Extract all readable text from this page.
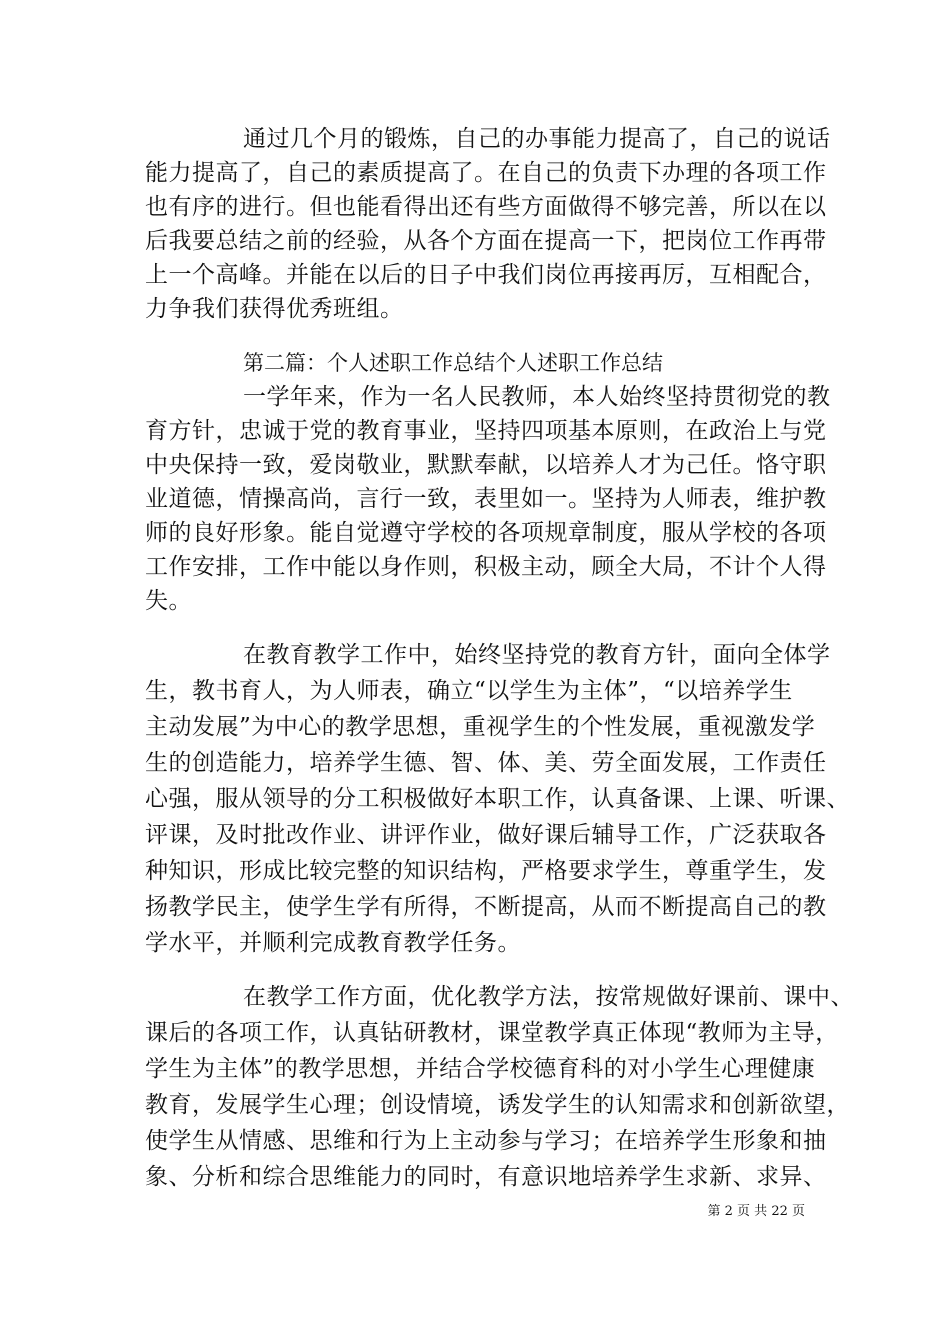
通过几个月的锻炼，自己的办事能力提高了，自己的说话
能力提高了，自己的素质提高了。在自己的负责下办理的各项工作
也有序的进行。但也能看得出还有些方面做得不够完善，所以在以
后我要总结之前的经验，从各个方面在提高一下，把岗位工作再带
上一个高峰。并能在以后的日子中我们岗位再接再厉，互相配合，
力争我们获得优秀班组。
第二篇：个人述职工作总结个人述职工作总结
一学年来，作为一名人民教师，本人始终坚持贯彻党的教
育方针，忠诚于党的教育事业，坚持四项基本原则，在政治上与党
中央保持一致，爱岗敬业，默默奉献，以培养人才为己任。恪守职
业道德，情操高尚，言行一致，表里如一。坚持为人师表，维护教
师的良好形象。能自觉遵守学校的各项规章制度，服从学校的各项
工作安排，工作中能以身作则，积极主动，顾全大局，不计个人得
失。
在教育教学工作中，始终坚持党的教育方针，面向全体学
生，教书育人，为人师表，确立“以学生为主体”，“以培养学生
主动发展”为中心的教学思想，重视学生的个性发展，重视激发学
生的创造能力，培养学生德、智、体、美、劳全面发展，工作责任
心强，服从领导的分工积极做好本职工作，认真备课、上课、听课、
评课，及时批改作业、讲评作业，做好课后辅导工作，广泛获取各
种知识，形成比较完整的知识结构，严格要求学生，尊重学生，发
扬教学民主，使学生学有所得，不断提高，从而不断提高自己的教
学水平，并顺利完成教育教学任务。
在教学工作方面，优化教学方法，按常规做好课前、课中、
课后的各项工作，认真钻研教材，课堂教学真正体现“教师为主导，
学生为主体”的教学思想，并结合学校德育科的对小学生心理健康
教育，发展学生心理；创设情境，诱发学生的认知需求和创新欲望，
使学生从情感、思维和行为上主动参与学习；在培养学生形象和抽
象、分析和综合思维能力的同时，有意识地培养学生求新、求异、
第 2 页 共 22 页
